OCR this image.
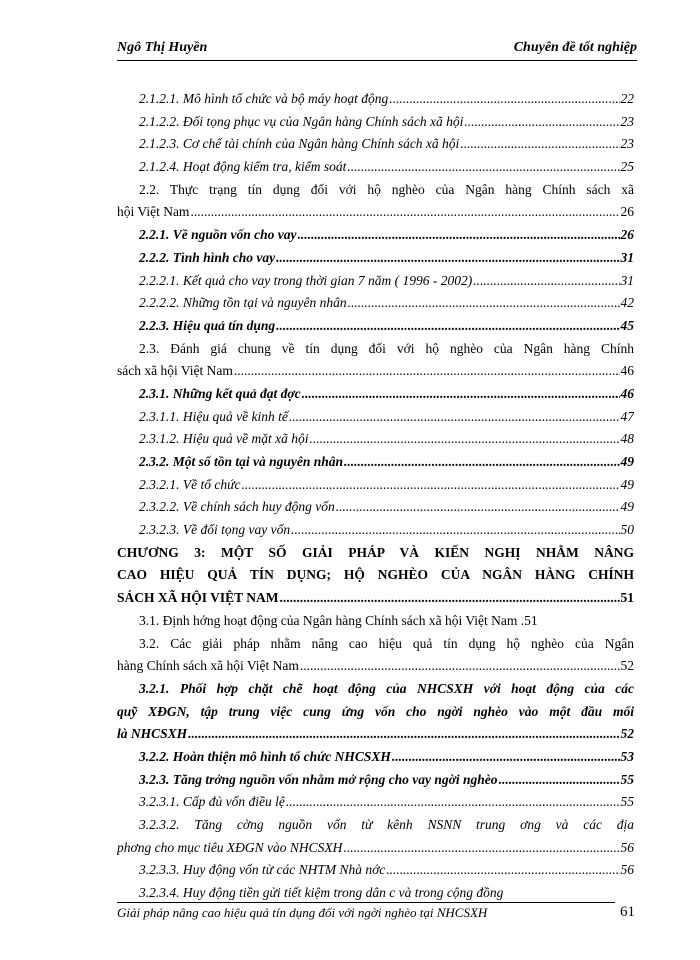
Ngô Thị Huyền	Chuyên đề tốt nghiệp
2.1.2.1. Mô hình tổ chức và bộ máy hoạt động .....	22
2.1.2.2. Đối tọng phục vụ của Ngân hàng Chính sách xã hội .....	23
2.1.2.3. Cơ chế tài chính của Ngân hàng Chính sách xã hội .....	23
2.1.2.4. Hoạt động kiểm tra, kiểm soát .....	25
2.2. Thực trạng tín dụng đối với hộ nghèo của Ngân hàng Chính sách xã
hội Việt Nam .....	26
2.2.1. Về nguồn vốn cho vay .....	26
2.2.2. Tình hình cho vay .....	31
2.2.2.1. Kết quả cho vay trong thời gian 7 năm ( 1996 - 2002) .....	31
2.2.2.2. Những tồn tại và nguyên nhân .....	42
2.2.3. Hiệu quả tín dụng .....	45
2.3. Đánh giá chung về tín dụng đối với hộ nghèo của Ngân hàng Chính
sách xã hội Việt Nam .....	46
2.3.1. Những kết quả đạt đợc .....	46
2.3.1.1. Hiệu quả về kinh tế .....	47
2.3.1.2. Hiệu quả về mặt xã hội .....	48
2.3.2. Một số tồn tại và nguyên nhân .....	49
2.3.2.1. Về tổ chức .....	49
2.3.2.2. Về chính sách huy động vốn .....	49
2.3.2.3. Về đối tọng vay vốn .....	50
CHƯƠNG 3: MỘT SỐ GIẢI PHÁP VÀ KIẾN NGHỊ NHẰM NÂNG
CAO HIỆU QUẢ TÍN DỤNG; HỘ NGHÈO CỦA NGÂN HÀNG CHÍNH
SÁCH XÃ HỘI VIỆT NAM .....	51
3.1. Định hớng hoạt động của Ngân hàng Chính sách xã hội Việt Nam . 51
3.2. Các giải pháp nhằm nâng cao hiệu quả tín dụng hộ nghèo của Ngân
hàng Chính sách xã hội Việt Nam .....	52
3.2.1. Phối hợp chặt chẽ hoạt động của NHCSXH với hoạt động của các
quỹ XĐGN, tập trung việc cung ứng vốn cho ngời nghèo vào một đầu mối
là NHCSXH .....	52
3.2.2. Hoàn thiện mô hình tổ chức NHCSXH .....	53
3.2.3. Tăng trởng nguồn vốn nhằm mở rộng cho vay ngời nghèo .....	55
3.2.3.1. Cấp đủ vốn điều lệ .....	55
3.2.3.2. Tăng cờng nguồn vốn từ kênh NSNN trung ơng và các địa
phơng cho mục tiêu XĐGN vào NHCSXH .....	56
3.2.3.3. Huy động vốn từ các NHTM Nhà nớc .....	56
3.2.3.4. Huy động tiền gửi tiết kiệm trong dân c và trong cộng đồng
Giải pháp nâng cao hiệu quả tín dụng đối với ngời nghèo tại NHCSXH	61
